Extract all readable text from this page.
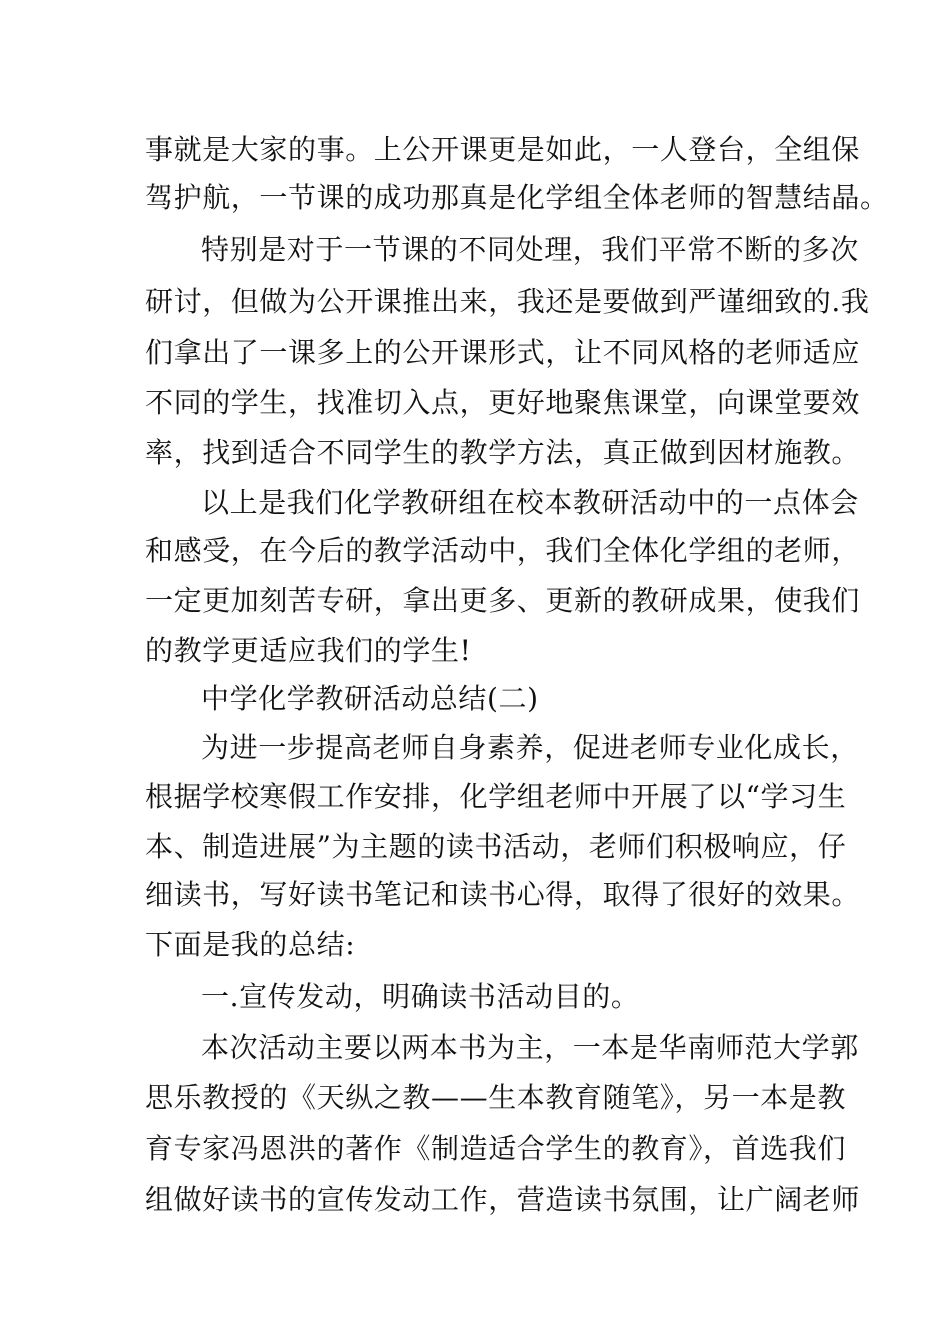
事就是大家的事。上公开课更是如此，一人登台，全组保
驾护航，一节课的成功那真是化学组全体老师的智慧结晶。
特别是对于一节课的不同处理，我们平常不断的多次
研讨，但做为公开课推出来，我还是要做到严谨细致的.我
们拿出了一课多上的公开课形式，让不同风格的老师适应
不同的学生，找准切入点，更好地聚焦课堂，向课堂要效
率，找到适合不同学生的教学方法，真正做到因材施教。
以上是我们化学教研组在校本教研活动中的一点体会
和感受，在今后的教学活动中，我们全体化学组的老师，
一定更加刻苦专研，拿出更多、更新的教研成果，使我们
的教学更适应我们的学生!
中学化学教研活动总结(二)
为进一步提高老师自身素养，促进老师专业化成长，
根据学校寒假工作安排，化学组老师中开展了以“学习生
本、制造进展”为主题的读书活动，老师们积极响应，仔
细读书，写好读书笔记和读书心得，取得了很好的效果。
下面是我的总结:
一.宣传发动，明确读书活动目的。
本次活动主要以两本书为主，一本是华南师范大学郭
思乐教授的《天纵之教——生本教育随笔》，另一本是教
育专家冯恩洪的著作《制造适合学生的教育》，首选我们
组做好读书的宣传发动工作，营造读书氛围，让广阔老师
